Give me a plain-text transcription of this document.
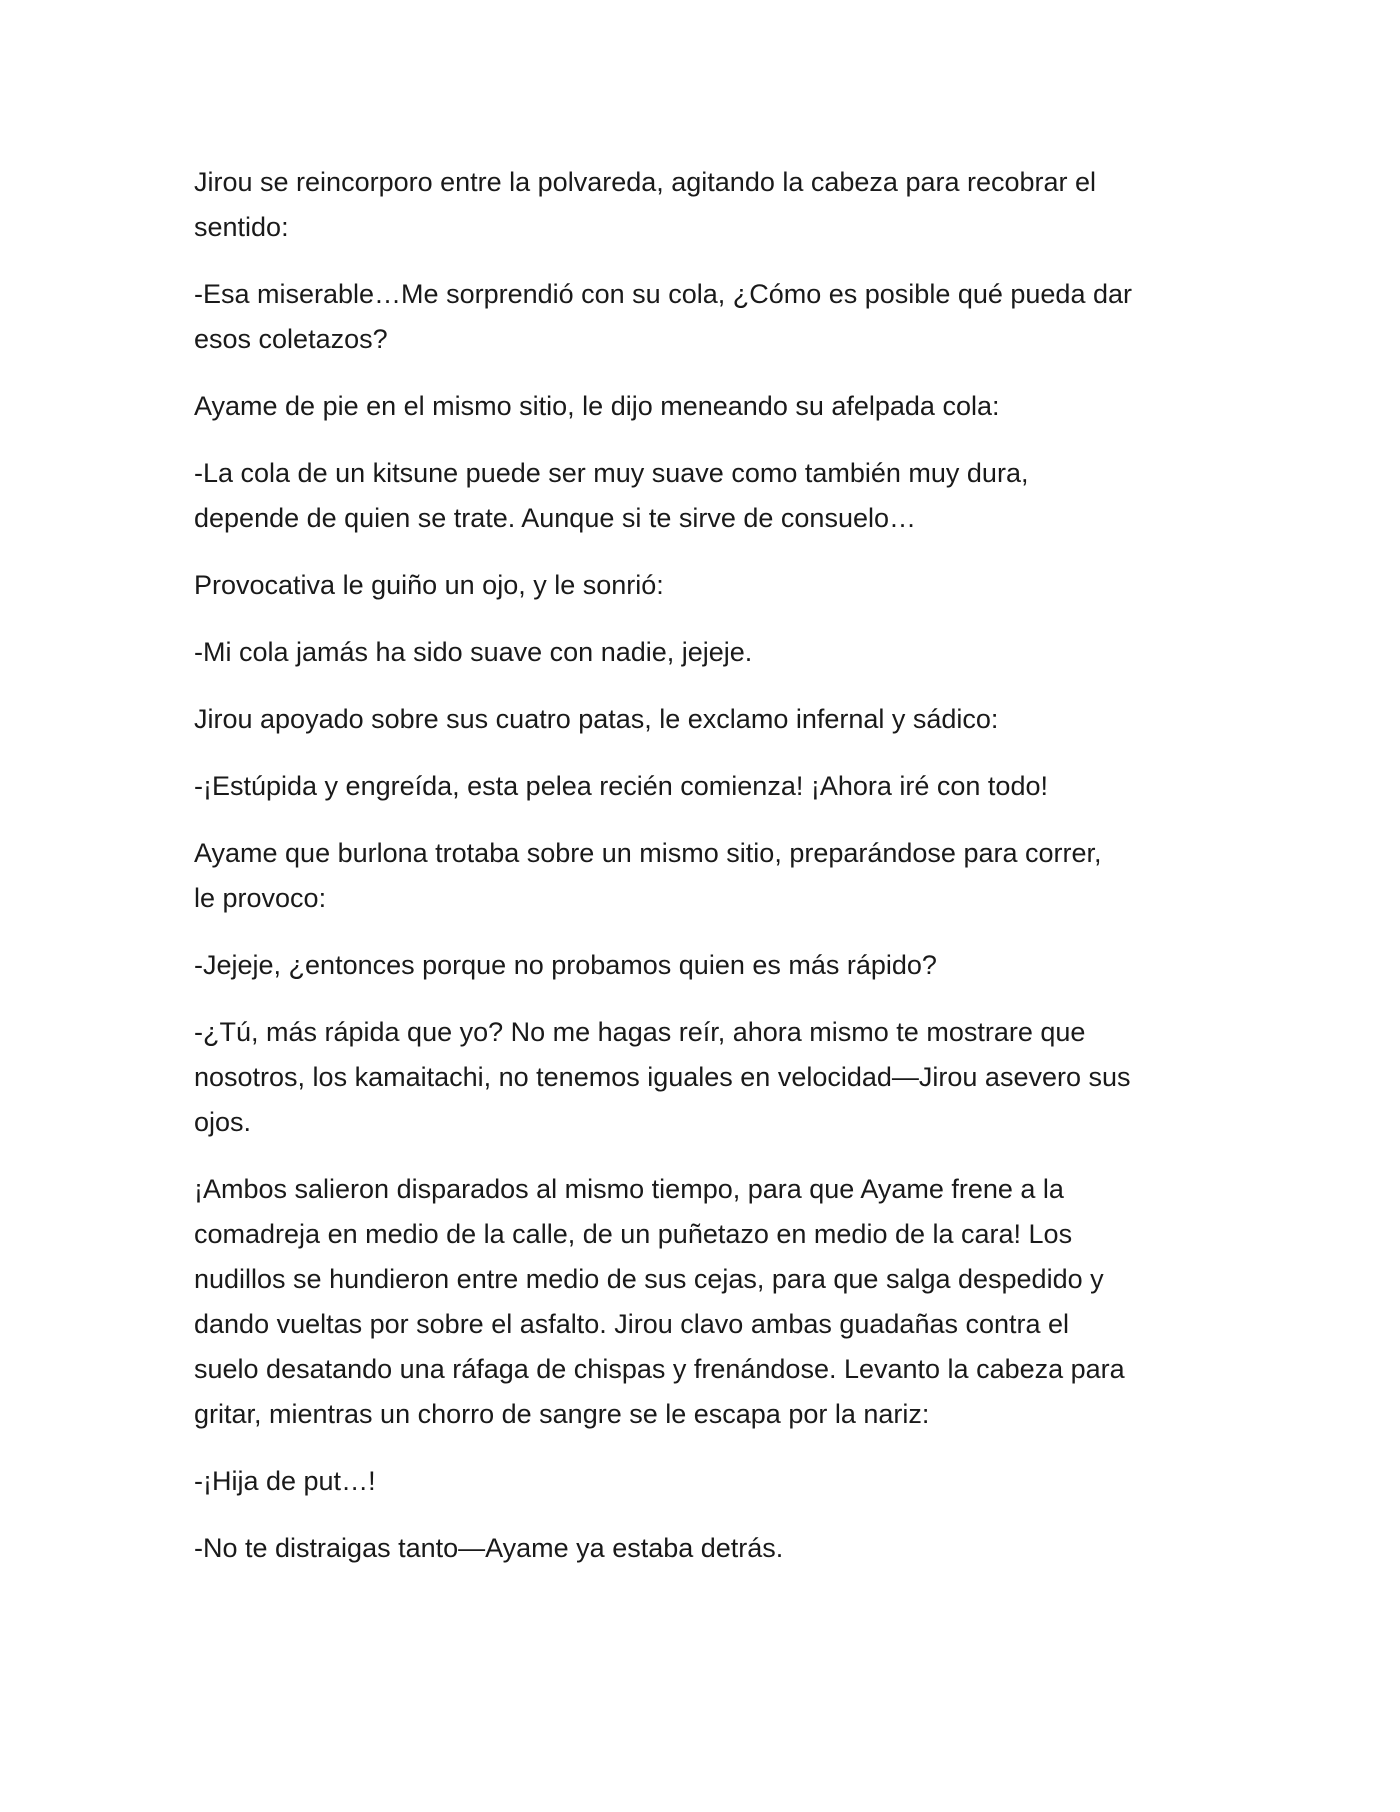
Jirou se reincorporo entre la polvareda, agitando la cabeza para recobrar el
sentido:

-Esa miserable…Me sorprendió con su cola, ¿Cómo es posible qué pueda dar
esos coletazos?

Ayame de pie en el mismo sitio, le dijo meneando su afelpada cola:

-La cola de un kitsune puede ser muy suave como también muy dura,
depende de quien se trate. Aunque si te sirve de consuelo…

Provocativa le guiño un ojo, y le sonrió:

-Mi cola jamás ha sido suave con nadie, jejeje.

Jirou apoyado sobre sus cuatro patas, le exclamo infernal y sádico:

-¡Estúpida y engreída, esta pelea recién comienza! ¡Ahora iré con todo!

Ayame que burlona trotaba sobre un mismo sitio, preparándose para correr,
le provoco:

-Jejeje, ¿entonces porque no probamos quien es más rápido?

-¿Tú, más rápida que yo? No me hagas reír, ahora mismo te mostrare que
nosotros, los kamaitachi, no tenemos iguales en velocidad—Jirou asevero sus
ojos.

¡Ambos salieron disparados al mismo tiempo, para que Ayame frene a la
comadreja en medio de la calle, de un puñetazo en medio de la cara! Los
nudillos se hundieron entre medio de sus cejas, para que salga despedido y
dando vueltas por sobre el asfalto. Jirou clavo ambas guadañas contra el
suelo desatando una ráfaga de chispas y frenándose. Levanto la cabeza para
gritar, mientras un chorro de sangre se le escapa por la nariz:

-¡Hija de put…!

-No te distraigas tanto—Ayame ya estaba detrás.
